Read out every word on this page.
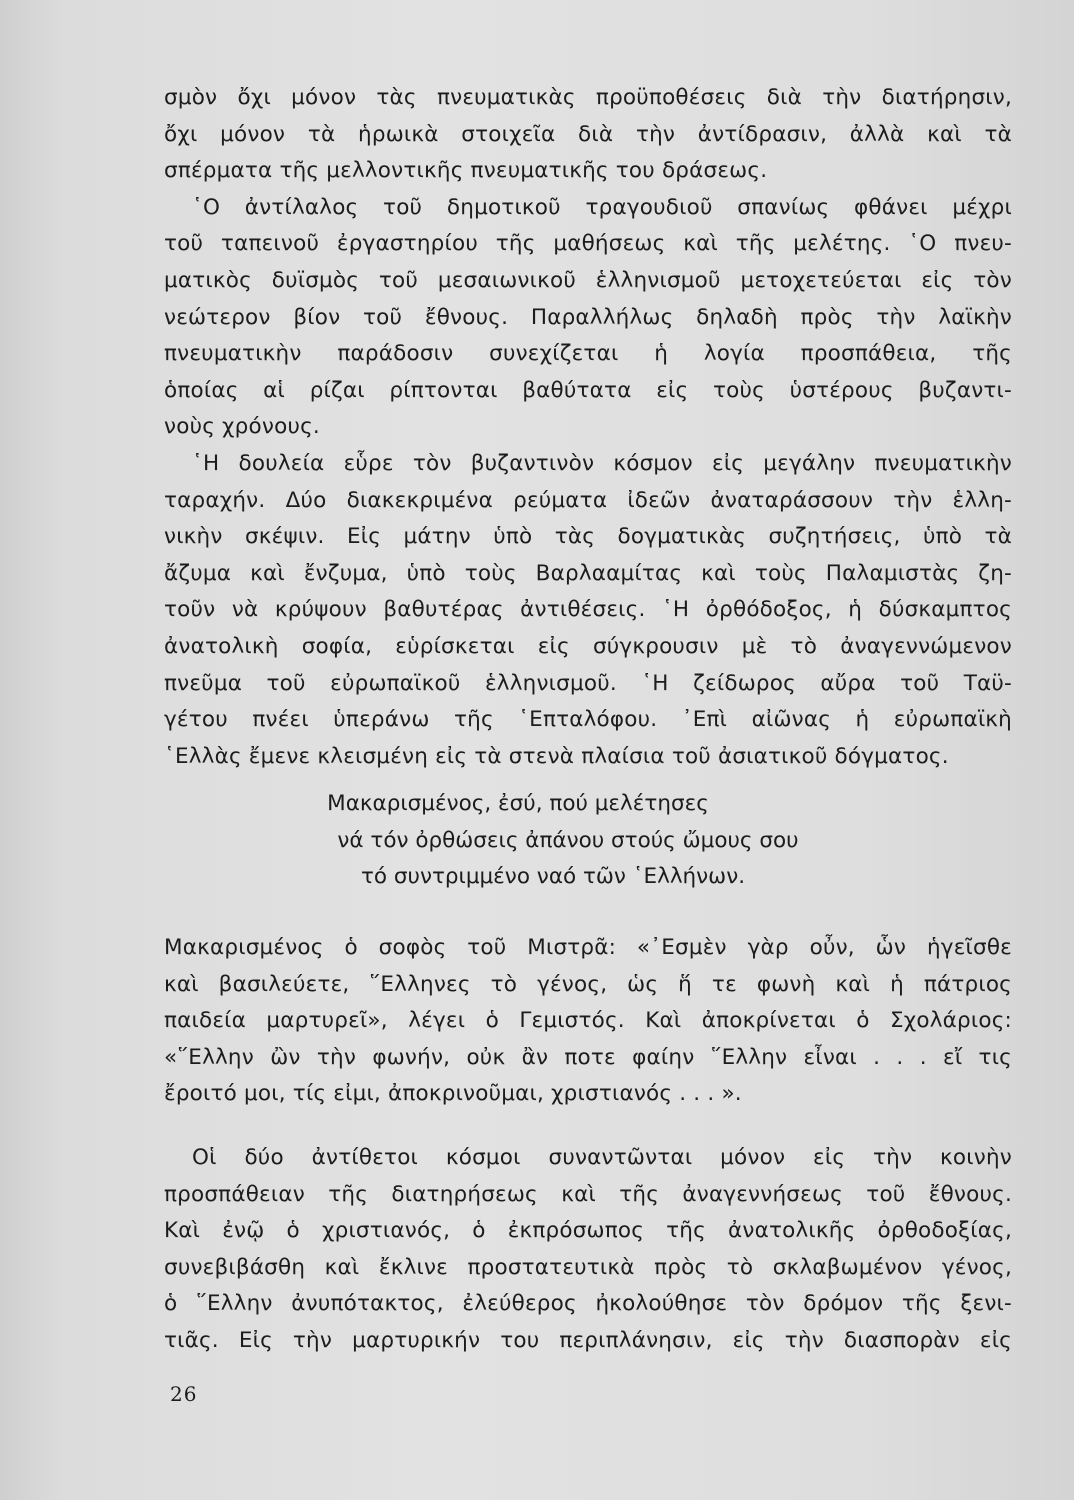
σμὸν ὄχι μόνον τὰς πνευματικὰς προϋποθέσεις διὰ τὴν διατήρησιν,
ὄχι μόνον τὰ ἡρωικὰ στοιχεῖα διὰ τὴν ἀντίδρασιν, ἀλλὰ καὶ τὰ
σπέρματα τῆς μελλοντικῆς πνευματικῆς του δράσεως.
῾Ο ἀντίλαλος τοῦ δημοτικοῦ τραγουδιοῦ σπανίως φθάνει μέχρι
τοῦ ταπεινοῦ ἐργαστηρίου τῆς μαθήσεως καὶ τῆς μελέτης. ῾Ο πνευ-
ματικὸς δυϊσμὸς τοῦ μεσαιωνικοῦ ἑλληνισμοῦ μετοχετεύεται εἰς τὸν
νεώτερον βίον τοῦ ἔθνους. Παραλλήλως δηλαδὴ πρὸς τὴν λαϊκὴν
πνευματικὴν παράδοσιν συνεχίζεται ἡ λογία προσπάθεια, τῆς
ὁποίας αἱ ρίζαι ρίπτονται βαθύτατα εἰς τοὺς ὑστέρους βυζαντι-
νοὺς χρόνους.
῾Η δουλεία εὗρε τὸν βυζαντινὸν κόσμον εἰς μεγάλην πνευματικὴν
ταραχήν. Δύο διακεκριμένα ρεύματα ἰδεῶν ἀναταράσσουν τὴν ἑλλη-
νικὴν σκέψιν. Εἰς μάτην ὑπὸ τὰς δογματικὰς συζητήσεις, ὑπὸ τὰ
ἄζυμα καὶ ἔνζυμα, ὑπὸ τοὺς Βαρλααμίτας καὶ τοὺς Παλαμιστὰς ζη-
τοῦν νὰ κρύψουν βαθυτέρας ἀντιθέσεις. ῾Η ὀρθόδοξος, ἡ δύσκαμπτος
ἀνατολικὴ σοφία, εὑρίσκεται εἰς σύγκρουσιν μὲ τὸ ἀναγεννώμενον
πνεῦμα τοῦ εὐρωπαϊκοῦ ἑλληνισμοῦ. ῾Η ζείδωρος αὔρα τοῦ Ταϋ-
γέτου πνέει ὑπεράνω τῆς ῾Επταλόφου. ᾿Επὶ αἰῶνας ἡ εὐρωπαϊκὴ
῾Ελλὰς ἔμενε κλεισμένη εἰς τὰ στενὰ πλαίσια τοῦ ἀσιατικοῦ δόγματος.
Μακαρισμένος, ἐσύ, πού μελέτησες
νά τόν ὀρθώσεις ἀπάνου στούς ὤμους σου
τό συντριμμένο ναό τῶν ῾Ελλήνων.
Μακαρισμένος ὁ σοφὸς τοῦ Μιστρᾶ: «᾿Εσμὲν γὰρ οὖν, ὧν ἡγεῖσθε
καὶ βασιλεύετε, ῞Ελληνες τὸ γένος, ὡς ἥ τε φωνὴ καὶ ἡ πάτριος
παιδεία μαρτυρεῖ», λέγει ὁ Γεμιστός. Καὶ ἀποκρίνεται ὁ Σχολάριος:
«῞Ελλην ὢν τὴν φωνήν, οὐκ ἂν ποτε φαίην ῞Ελλην εἶναι . . . εἴ τις
ἔροιτό μοι, τίς εἰμι, ἀποκρινοῦμαι, χριστιανός . . . ».
Οἱ δύο ἀντίθετοι κόσμοι συναντῶνται μόνον εἰς τὴν κοινὴν
προσπάθειαν τῆς διατηρήσεως καὶ τῆς ἀναγεννήσεως τοῦ ἔθνους.
Καὶ ἐνῷ ὁ χριστιανός, ὁ ἐκπρόσωπος τῆς ἀνατολικῆς ὀρθοδοξίας,
συνεβιβάσθη καὶ ἔκλινε προστατευτικὰ πρὸς τὸ σκλαβωμένον γένος,
ὁ ῞Ελλην ἀνυπότακτος, ἐλεύθερος ἠκολούθησε τὸν δρόμον τῆς ξενι-
τιᾶς. Εἰς τὴν μαρτυρικήν του περιπλάνησιν, εἰς τὴν διασπορὰν εἰς
26
